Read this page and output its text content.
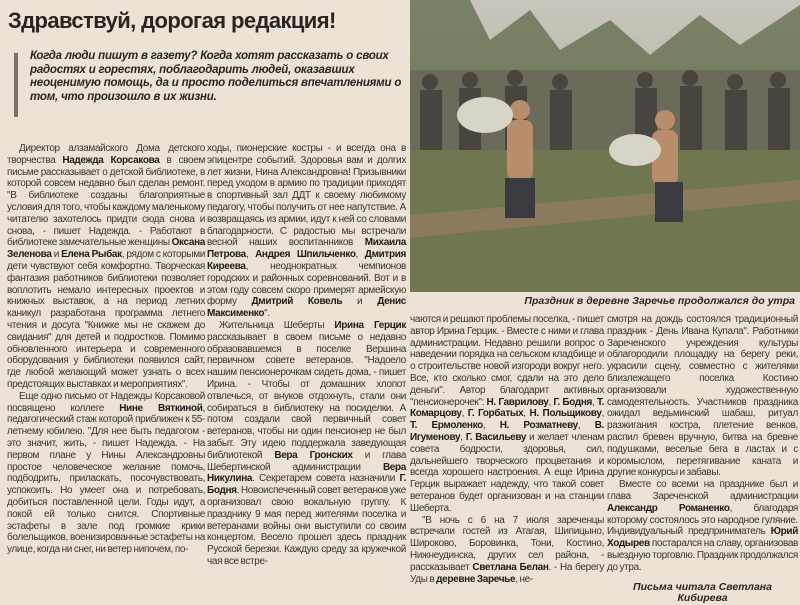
Здравствуй, дорогая редакция!
Когда люди пишут в газету? Когда хотят рассказать о своих радостях и горестях, поблагодарить людей, оказавших неоценимую помощь, да и просто поделиться впечатлениями о том, что произошло в их жизни.

Директор алзамайского Дома детского творчества Надежда Корсакова в своем письме рассказывает о детской библиотеке, в которой совсем недавно был сделан ремонт. "В библиотеке созданы благоприятные условия для того, чтобы каждому маленькому читателю захотелось придти сюда снова и снова, - пишет Надежда. - Работают в библиотеке замечательные женщины Оксана Зеленова и Елена Рыбак, рядом с которыми дети чувствуют себя комфортно. Творческая фантазия работников библиотеки позволяет воплотить немало интересных проектов и книжных выставок, а на период летних каникул разработана программа летнего чтения и досуга "Книжке мы не скажем до свидания" для детей и подростков. Помимо обновленного интерьера и современного оборудования у библиотеки появился сайт, где любой желающий может узнать о всех предстоящих выставках и мероприятиях".

Еще одно письмо от Надежды Корсаковой посвящено коллеге Нине Вяткиной, педагогический стаж которой приближен к 55-летнему юбилею. "Для нее быть педагогом - это значит, жить, - пишет Надежда. - На первом плане у Нины Александровны простое человеческое желание помочь, подбодрить, приласкать, посочувствовать, успокоить. Но умеет она и потребовать, добиться поставленной цели. Годы идут, а покой ей только снится. Спортивные эстафеты в зале под громкие крики болельщиков, военизированные эстафеты на улице, когда ни снег, ни ветер нипочем, по-

ходы, пионерские костры - и всегда она в эпицентре событий. Здоровья вам и долгих лет жизни, Нина Александровна! Призывники перед уходом в армию по традиции приходят в спортивный зал ДДТ к своему любимому педагогу, чтобы получить от нее напутствие. А возвращаясь из армии, идут к ней со словами благодарности. С радостью мы встречали весной наших воспитанников Михаила Петрова, Андрея Шпильченко, Дмитрия Киреева, неоднократных чемпионов городских и районных соревнований. Вот и в этом году совсем скоро примерят армейскую форму Дмитрий Ковель и Денис Максименко".

Жительница Шеберты Ирина Герцик рассказывает в своем письме о недавно образовавшемся в поселке Вершина первичном совете ветеранов. "Надоело нашим пенсионерочкам сидеть дома, - пишет Ирина. - Чтобы от домашних хлопот отвлечься, от внуков отдохнуть, стали они собираться в библиотеку на посиделки. А потом создали свой первичный совет ветеранов, чтобы ни один пенсионер не был забыт. Эту идею поддержала заведующая библиотекой Вера Гронских и глава Шебертинской администрации Вера Никулина. Секретарем совета назначили Г. Бодня. Новоиспеченный совет ветеранов уже организовал свою вокальную группу. К празднику 9 мая перед жителями поселка и ветеранами войны они выступили со своим концертом. Весело прошел здесь праздник Русской березки. Каждую среду за кружечкой чая все встре-

Праздник в деревне Заречье продолжался до утра

чаются и решают проблемы поселка, - пишет автор Ирина Герцик. - Вместе с ними и глава администрации. Недавно решили вопрос о наведении порядка на сельском кладбище и о строительстве новой изгороди вокруг него. Все, кто сколько смог, сдали на это дело деньги". Автор благодарит активных "пенсионерочек": Н. Гаврилову, Г. Бодня, Т. Комарцову, Г. Горбатых, Н. Польщикову, Т. Ермоленко, Н. Розматневу, В. Игуменову, Г. Васильеву и желает членам совета бодрости, здоровья, сил, дальнейшего творческого процветания и всегда хорошего настроения. А еще Ирина Герцик выражает надежду, что такой совет ветеранов будет организован и на станции Шеберта.

"В ночь с 6 на 7 июля зареченцы встречали гостей из Атагая, Шипицыно, Широково, Боровинка, Тони, Костино, Нижнеудинска, других сел района, - рассказывает Светлана Белан. - На берегу Уды в деревне Заречье, не-

смотря на дождь состоялся традиционный праздник - День Ивана Купала". Работники Зареченского учреждения культуры облагородили площадку на берегу реки, украсили сцену, совместно с жителями близлежащего поселка Костино организовали художественную самодеятельность. Участников праздника ожидал ведьминский шабаш, ритуал разжигания костра, плетение венков, распил бревен вручную, битва на бревне подушками, веселые бега в ластах и с коромыслом, перетягивание каната и другие конкурсы и забавы.

Вместе со всеми на празднике был и глава Зареченской администрации Александр Романенко, благодаря которому состоялось это народное гуляние. Индивидуальный предприниматель Юрий Ходырев постарался на славу, организовав выездную торговлю. Праздник продолжался до утра.

Письма читала Светлана Кибирева
